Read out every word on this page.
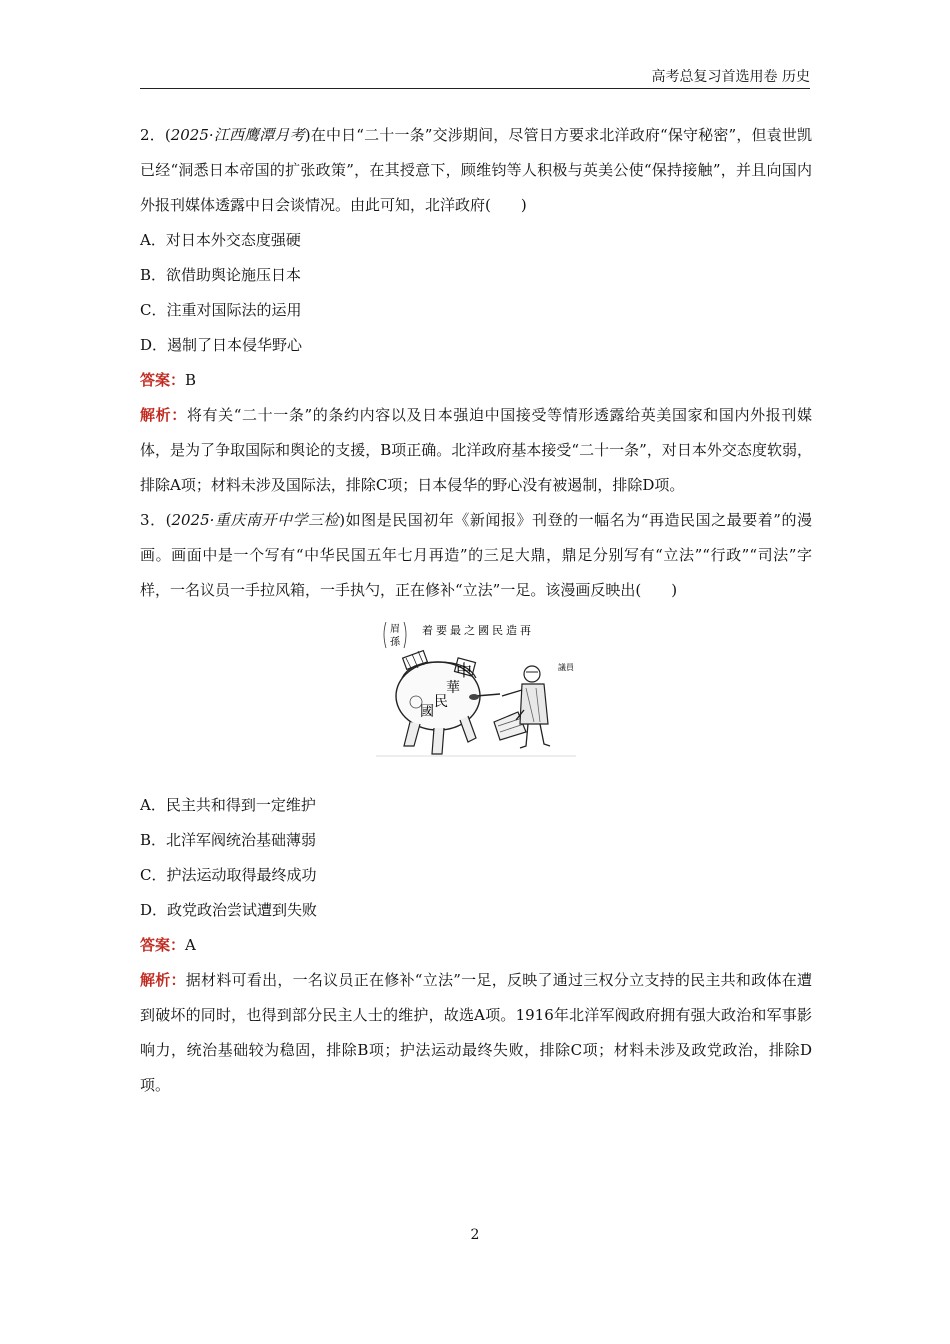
高考总复习首选用卷 历史

2．(2025·江西鹰潭月考)在中日“二十一条”交涉期间，尽管日方要求北洋政府“保守秘密”，但袁世凯已经“洞悉日本帝国的扩张政策”，在其授意下，顾维钧等人积极与英美公使“保持接触”，并且向国内外报刊媒体透露中日会谈情况。由此可知，北洋政府(　　)

A．对日本外交态度强硬

B．欲借助舆论施压日本

C．注重对国际法的运用

D．遏制了日本侵华野心

答案：B

解析：将有关“二十一条”的条约内容以及日本强迫中国接受等情形透露给英美国家和国内外报刊媒体，是为了争取国际和舆论的支援，B项正确。北洋政府基本接受“二十一条”，对日本外交态度软弱，排除A项；材料未涉及国际法，排除C项；日本侵华的野心没有被遏制，排除D项。

3．(2025·重庆南开中学三检)如图是民国初年《新闻报》刊登的一幅名为“再造民国之最要着”的漫画。画面中是一个写有“中华民国五年七月再造”的三足大鼎，鼎足分别写有“立法”“行政”“司法”字样，一名议员一手拉风箱，一手执勺，正在修补“立法”一足。该漫画反映出(　　)

眉
孫
着要最之國民造再
中
華
民
國
議員

A．民主共和得到一定维护

B．北洋军阀统治基础薄弱

C．护法运动取得最终成功

D．政党政治尝试遭到失败

答案：A

解析：据材料可看出，一名议员正在修补“立法”一足，反映了通过三权分立支持的民主共和政体在遭到破坏的同时，也得到部分民主人士的维护，故选A项。1916年北洋军阀政府拥有强大政治和军事影响力，统治基础较为稳固，排除B项；护法运动最终失败，排除C项；材料未涉及政党政治，排除D项。

2
